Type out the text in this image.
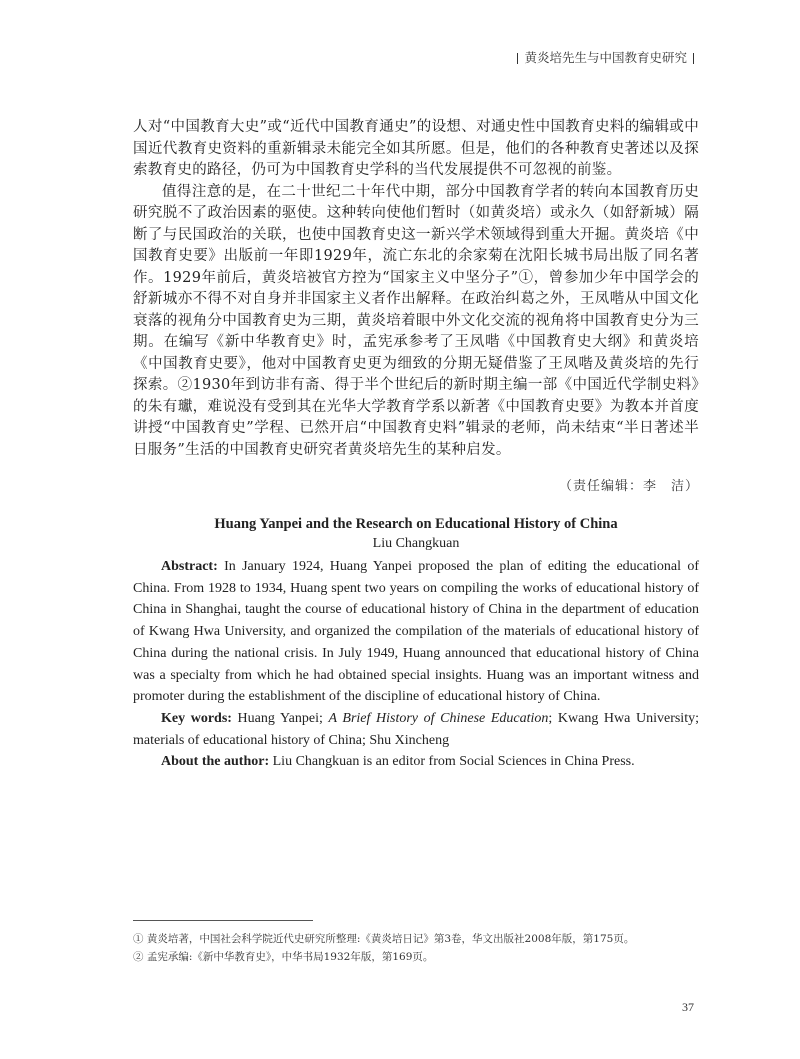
黄炎培先生与中国教育史研究

人对“中国教育大史”或“近代中国教育通史”的设想、对通史性中国教育史料的编辑或中国近代教育史资料的重新辑录未能完全如其所愿。但是，他们的各种教育史著述以及探索教育史的路径，仍可为中国教育史学科的当代发展提供不可忽视的前鉴。

值得注意的是，在二十世纪二十年代中期，部分中国教育学者的转向本国教育历史研究脱不了政治因素的驱使。这种转向使他们暂时（如黄炎培）或永久（如舒新城）隔断了与民国政治的关联，也使中国教育史这一新兴学术领域得到重大开掘。黄炎培《中国教育史要》出版前一年即1929年，流亡东北的余家菊在沈阳长城书局出版了同名著作。1929年前后，黄炎培被官方控为“国家主义中坚分子”①，曾参加少年中国学会的舒新城亦不得不对自身并非国家主义者作出解释。在政治纠葛之外，王凤喈从中国文化衰落的视角分中国教育史为三期，黄炎培着眼中外文化交流的视角将中国教育史分为三期。在编写《新中华教育史》时，孟宪承参考了王凤喈《中国教育史大纲》和黄炎培《中国教育史要》，他对中国教育史更为细致的分期无疑借鉴了王凤喈及黄炎培的先行探索。②1930年到访非有斋、得于半个世纪后的新时期主编一部《中国近代学制史料》的朱有瓛，难说没有受到其在光华大学教育学系以新著《中国教育史要》为教本并首度讲授“中国教育史”学程、已然开启“中国教育史料”辑录的老师，尚未结束“半日著述半日服务”生活的中国教育史研究者黄炎培先生的某种启发。

（责任编辑：李　洁）

Huang Yanpei and the Research on Educational History of China

Liu Changkuan

Abstract: In January 1924, Huang Yanpei proposed the plan of editing the educational of China. From 1928 to 1934, Huang spent two years on compiling the works of educational history of China in Shanghai, taught the course of educational history of China in the department of education of Kwang Hwa University, and organized the compilation of the materials of educational history of China during the national crisis. In July 1949, Huang announced that educational history of China was a specialty from which he had obtained special insights. Huang was an important witness and promoter during the establishment of the discipline of educational history of China.

Key words: Huang Yanpei; A Brief History of Chinese Education; Kwang Hwa University; materials of educational history of China; Shu Xincheng

About the author: Liu Changkuan is an editor from Social Sciences in China Press.

① 黄炎培著，中国社会科学院近代史研究所整理:《黄炎培日记》第3卷，华文出版社2008年版，第175页。

② 孟宪承编:《新中华教育史》，中华书局1932年版，第169页。

37
